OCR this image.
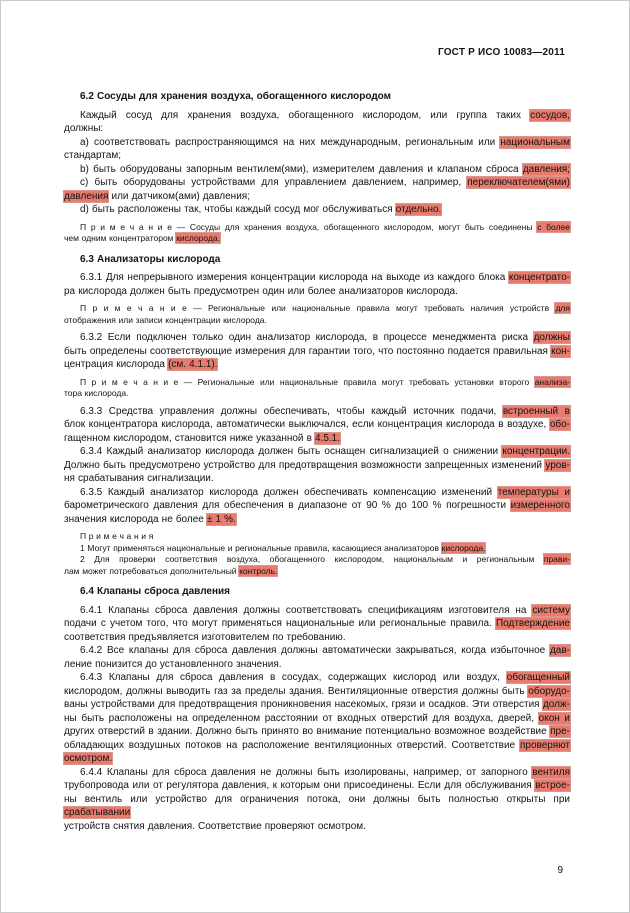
ГОСТ Р ИСО 10083—2011
6.2 Сосуды для хранения воздуха, обогащенного кислородом
Каждый сосуд для хранения воздуха, обогащенного кислородом, или группа таких сосудов,
должны:
а) соответствовать распространяющимся на них международным, региональным или национальным
стандартам;
b) быть оборудованы запорным вентилем(ями), измерителем давления и клапаном сброса давления;
с) быть оборудованы устройствами для управлением давлением, например, переключателем(ями)
давления или датчиком(ами) давления;
d) быть расположены так, чтобы каждый сосуд мог обслуживаться отдельно.
П р и м е ч а н и е — Сосуды для хранения воздуха, обогащенного кислородом, могут быть соединены с более
чем одним концентратором кислорода.
6.3 Анализаторы кислорода
6.3.1 Для непрерывного измерения концентрации кислорода на выходе из каждого блока концентрато-
ра кислорода должен быть предусмотрен один или более анализаторов кислорода.
П р и м е ч а н и е — Региональные или национальные правила могут требовать наличия устройств для
отображения или записи концентрации кислорода.
6.3.2 Если подключен только один анализатор кислорода, в процессе менеджмента риска должны
быть определены соответствующие измерения для гарантии того, что постоянно подается правильная кон-
центрация кислорода (см. 4.1.1).
П р и м е ч а н и е — Региональные или национальные правила могут требовать установки второго анализа-
тора кислорода.
6.3.3 Средства управления должны обеспечивать, чтобы каждый источник подачи, встроенный в
блок концентратора кислорода, автоматически выключался, если концентрация кислорода в воздухе, обо-
гащенном кислородом, становится ниже указанной в 4.5.1.
6.3.4 Каждый анализатор кислорода должен быть оснащен сигнализацией о снижении концентрации.
Должно быть предусмотрено устройство для предотвращения возможности запрещенных изменений уров-
ня срабатывания сигнализации.
6.3.5 Каждый анализатор кислорода должен обеспечивать компенсацию изменений температуры и
барометрического давления для обеспечения в диапазоне от 90 % до 100 % погрешности измеренного
значения кислорода не более ± 1 %.
П р и м е ч а н и я
1 Могут применяться национальные и региональные правила, касающиеся анализаторов кислорода.
2 Для проверки соответствия воздуха, обогащенного кислородом, национальным и региональным прави-
лам может потребоваться дополнительный контроль.
6.4 Клапаны сброса давления
6.4.1 Клапаны сброса давления должны соответствовать спецификациям изготовителя на систему
подачи с учетом того, что могут применяться национальные или региональные правила. Подтверждение
соответствия предъявляется изготовителем по требованию.
6.4.2 Все клапаны для сброса давления должны автоматически закрываться, когда избыточное дав-
ление понизится до установленного значения.
6.4.3 Клапаны для сброса давления в сосудах, содержащих кислород или воздух, обогащенный
кислородом, должны выводить газ за пределы здания. Вентиляционные отверстия должны быть оборудо-
ваны устройствами для предотвращения проникновения насекомых, грязи и осадков. Эти отверстия долж-
ны быть расположены на определенном расстоянии от входных отверстий для воздуха, дверей, окон и
других отверстий в здании. Должно быть принято во внимание потенциально возможное воздействие пре-
обладающих воздушных потоков на расположение вентиляционных отверстий. Соответствие проверяют
осмотром.
6.4.4 Клапаны для сброса давления не должны быть изолированы, например, от запорного вентиля
трубопровода или от регулятора давления, к которым они присоединены. Если для обслуживания встрое-
ны вентиль или устройство для ограничения потока, они должны быть полностью открыты при срабатывании
устройств снятия давления. Соответствие проверяют осмотром.
9
